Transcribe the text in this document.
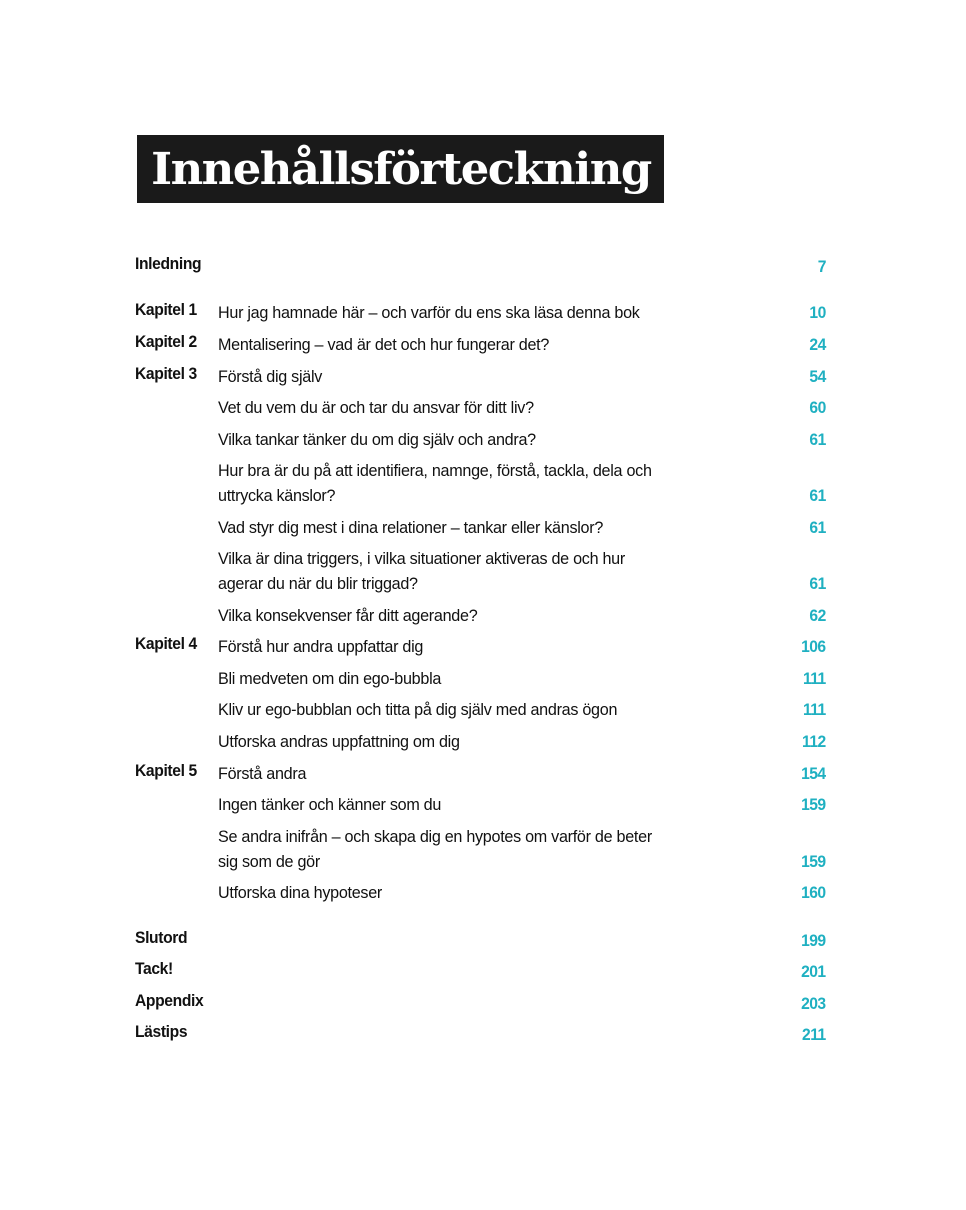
Innehållsförteckning
Inledning	7
Kapitel 1 Hur jag hamnade här – och varför du ens ska läsa denna bok	10
Kapitel 2 Mentalisering – vad är det och hur fungerar det?	24
Kapitel 3 Förstå dig själv	54
Vet du vem du är och tar du ansvar för ditt liv?	60
Vilka tankar tänker du om dig själv och andra?	61
Hur bra är du på att identifiera, namnge, förstå, tackla, dela och
uttrycka känslor?	61
Vad styr dig mest i dina relationer – tankar eller känslor?	61
Vilka är dina triggers, i vilka situationer aktiveras de och hur
agerar du när du blir triggad?	61
Vilka konsekvenser får ditt agerande?	62
Kapitel 4 Förstå hur andra uppfattar dig	106
Bli medveten om din ego-bubbla	111
Kliv ur ego-bubblan och titta på dig själv med andras ögon	111
Utforska andras uppfattning om dig	112
Kapitel 5 Förstå andra	154
Ingen tänker och känner som du	159
Se andra inifrån – och skapa dig en hypotes om varför de beter
sig som de gör	159
Utforska dina hypoteser	160
Slutord	199
Tack!	201
Appendix	203
Lästips	211
